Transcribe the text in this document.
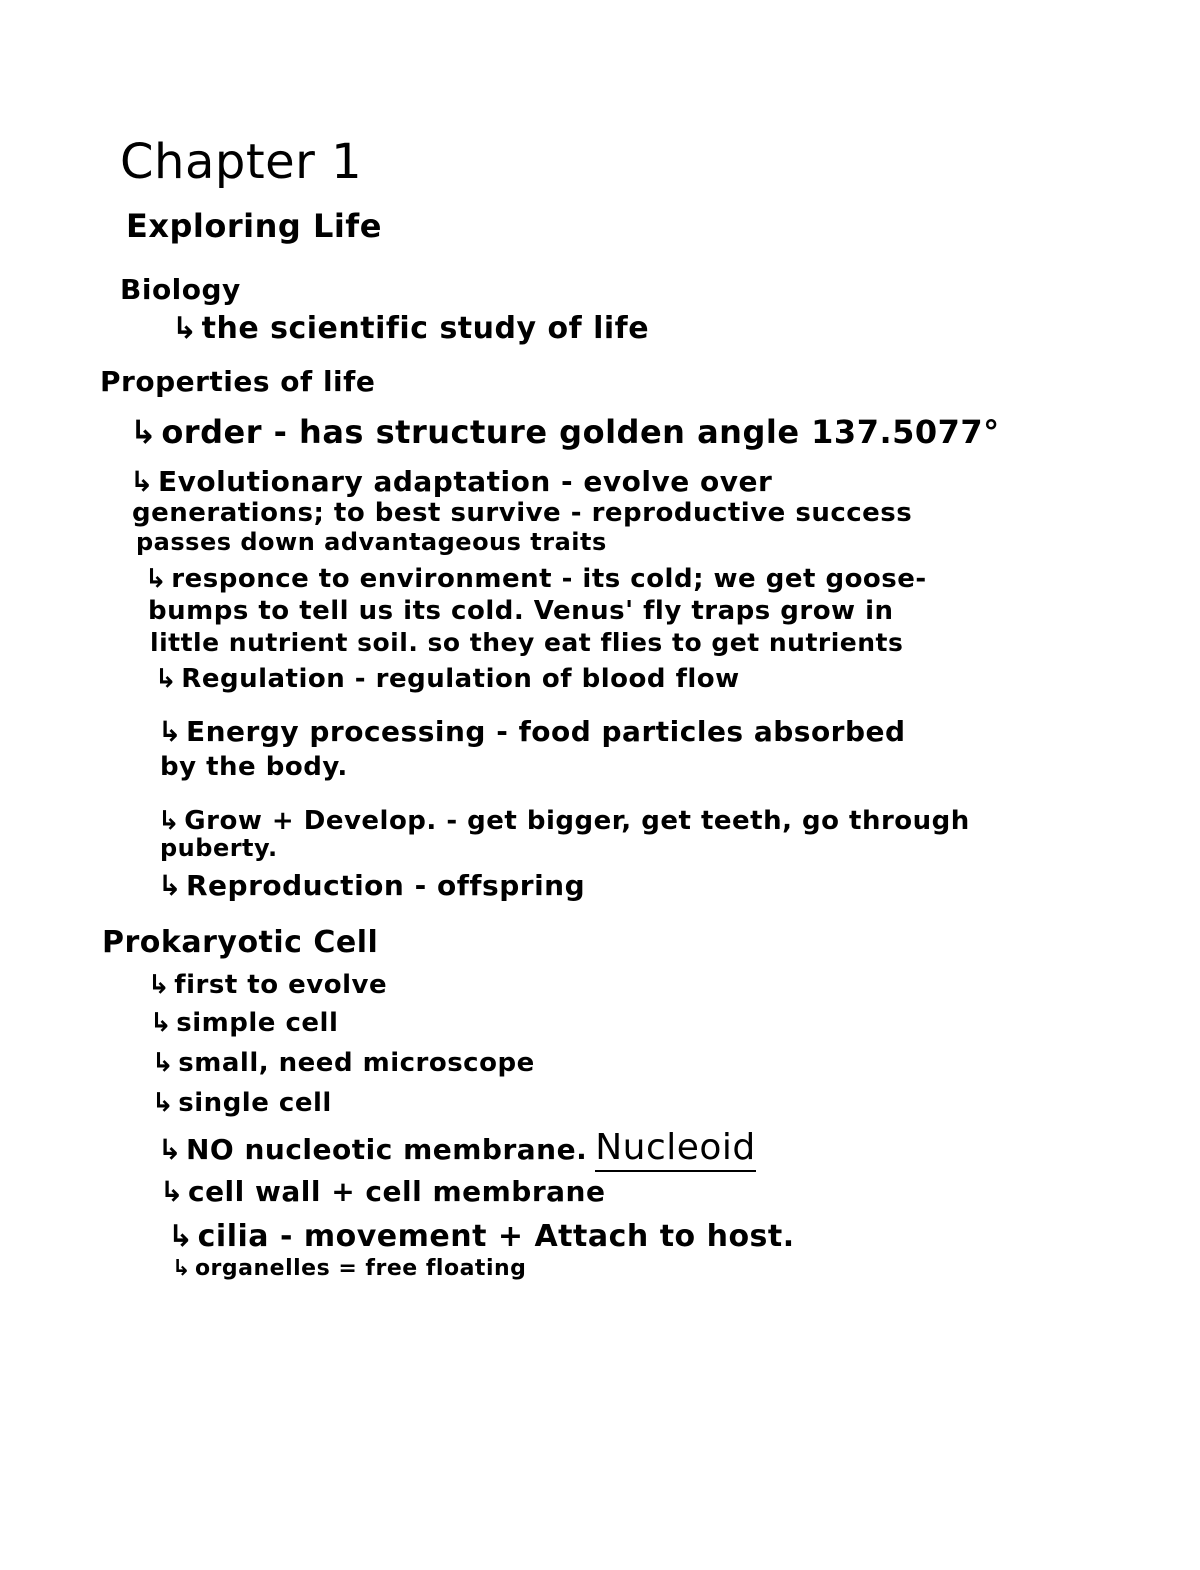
Chapter 1
Exploring Life
Biology
↳ the scientific study of life
Properties of life
↳ order - has structure golden angle 137.5077°
↳ Evolutionary adaptation - evolve over
generations; to best survive - reproductive success
passes down advantageous traits
↳ responce to environment - its cold; we get goose-
bumps to tell us its cold. Venus' fly traps grow in
little nutrient soil. so they eat flies to get nutrients
↳ Regulation - regulation of blood flow
↳ Energy processing - food particles absorbed
by the body.
↳ Grow + Develop. - get bigger, get teeth, go through
puberty.
↳ Reproduction - offspring
Prokaryotic Cell
↳ first to evolve
↳ simple cell
↳ small, need microscope
↳ single cell
↳ NO nucleotic membrane. Nucleoid
↳ cell wall + cell membrane
↳ cilia - movement + Attach to host.
↳ organelles = free floating
